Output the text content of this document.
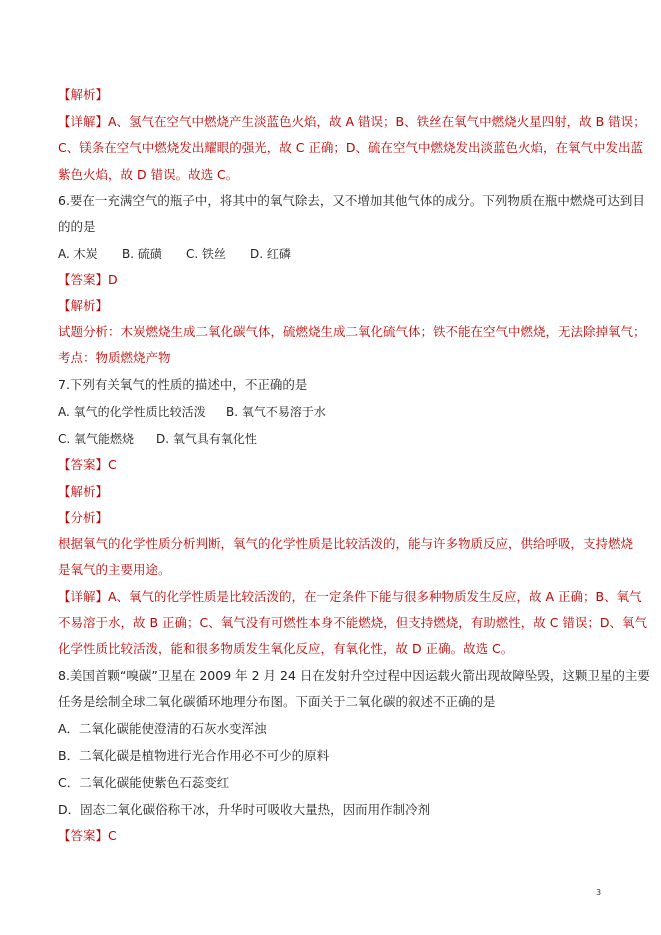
【解析】
【详解】A、氢气在空气中燃烧产生淡蓝色火焰，故 A 错误；B、铁丝在氧气中燃烧火星四射，故 B 错误；
C、镁条在空气中燃烧发出耀眼的强光，故 C 正确；D、硫在空气中燃烧发出淡蓝色火焰，在氧气中发出蓝
紫色火焰，故 D 错误。故选 C。
6.要在一充满空气的瓶子中，将其中的氧气除去，又不增加其他气体的成分。下列物质在瓶中燃烧可达到目
的的是
A. 木炭 B. 硫磺 C. 铁丝 D. 红磷
【答案】D
【解析】
试题分析：木炭燃烧生成二氧化碳气体，硫燃烧生成二氧化硫气体；铁不能在空气中燃烧，无法除掉氧气；
考点：物质燃烧产物
7.下列有关氧气的性质的描述中，不正确的是
A. 氧气的化学性质比较活泼 B. 氧气不易溶于水
C. 氧气能燃烧 D. 氧气具有氧化性
【答案】C
【解析】
【分析】
根据氧气的化学性质分析判断，氧气的化学性质是比较活泼的，能与许多物质反应，供给呼吸，支持燃烧
是氧气的主要用途。
【详解】A、氧气的化学性质是比较活泼的，在一定条件下能与很多种物质发生反应，故 A 正确；B、氧气
不易溶于水，故 B 正确；C、氧气没有可燃性本身不能燃烧，但支持燃烧，有助燃性，故 C 错误；D、氧气
化学性质比较活泼，能和很多物质发生氧化反应，有氧化性，故 D 正确。故选 C。
8.美国首颗“嗅碳”卫星在 2009 年 2 月 24 日在发射升空过程中因运载火箭出现故障坠毁，这颗卫星的主要
任务是绘制全球二氧化碳循环地理分布图。下面关于二氧化碳的叙述不正确的是
A．二氧化碳能使澄清的石灰水变浑浊
B．二氧化碳是植物进行光合作用必不可少的原料
C．二氧化碳能使紫色石蕊变红
D．固态二氧化碳俗称干冰，升华时可吸收大量热，因而用作制冷剂
【答案】C
3
